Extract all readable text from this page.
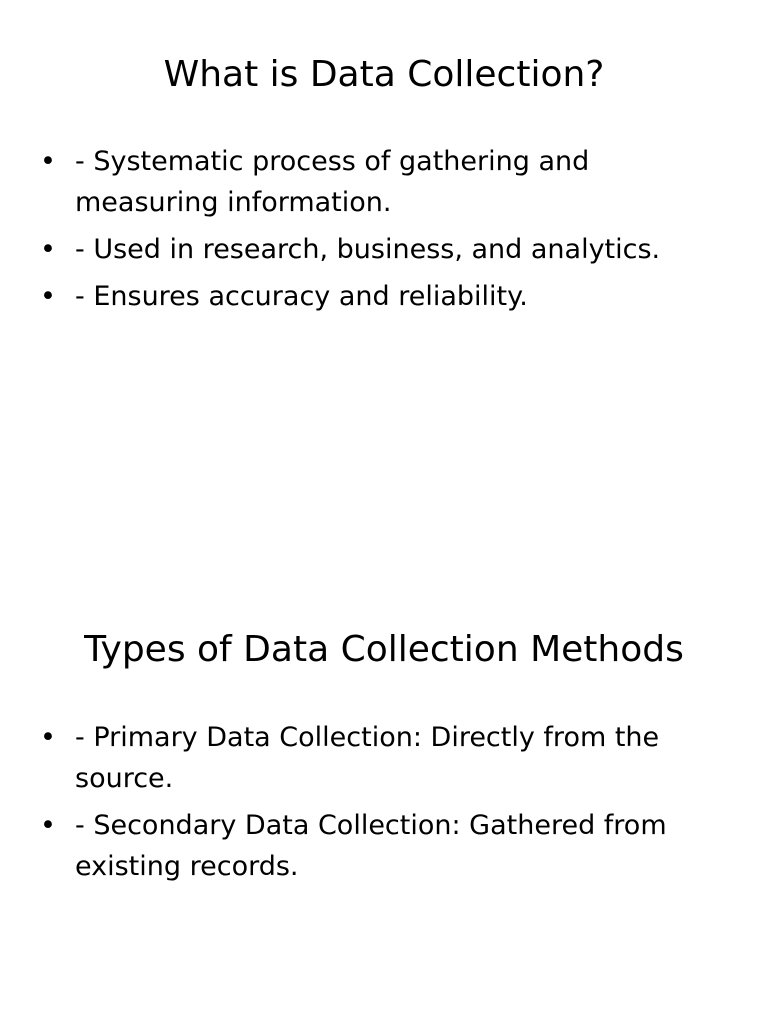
What is Data Collection?
• - Systematic process of gathering and measuring information.
• - Used in research, business, and analytics.
• - Ensures accuracy and reliability.
Types of Data Collection Methods
• - Primary Data Collection: Directly from the source.
• - Secondary Data Collection: Gathered from existing records.
